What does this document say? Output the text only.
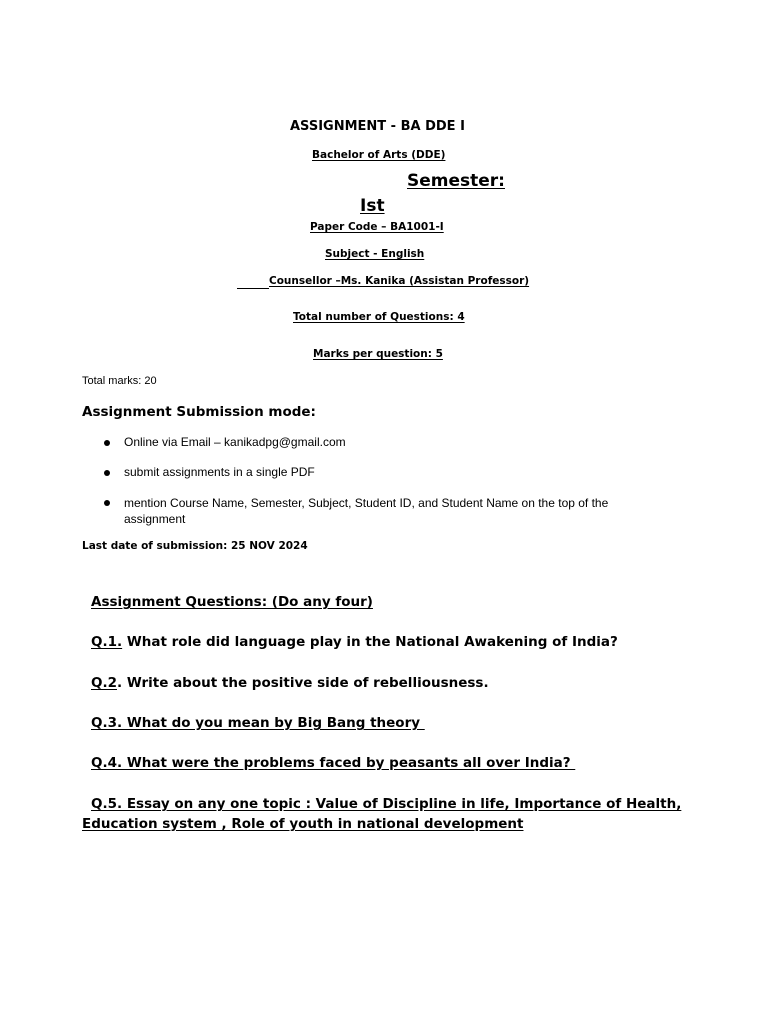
ASSIGNMENT - BA DDE I
Bachelor of Arts (DDE)
Semester:
Ist
Paper Code – BA1001-I
Subject - English
Counsellor –Ms. Kanika (Assistan Professor)
Total number of Questions: 4
Marks per question: 5
Total marks: 20
Assignment Submission mode:
Online via Email – kanikadpg@gmail.com
submit assignments in a single PDF
mention Course Name, Semester, Subject, Student ID, and Student Name on the top of the
assignment
Last date of submission: 25 NOV 2024
Assignment Questions: (Do any four)
Q.1. What role did language play in the National Awakening of India?
Q.2. Write about the positive side of rebelliousness.
Q.3. What do you mean by Big Bang theory
Q.4. What were the problems faced by peasants all over India?
Q.5. Essay on any one topic : Value of Discipline in life, Importance of Health,
Education system , Role of youth in national development
